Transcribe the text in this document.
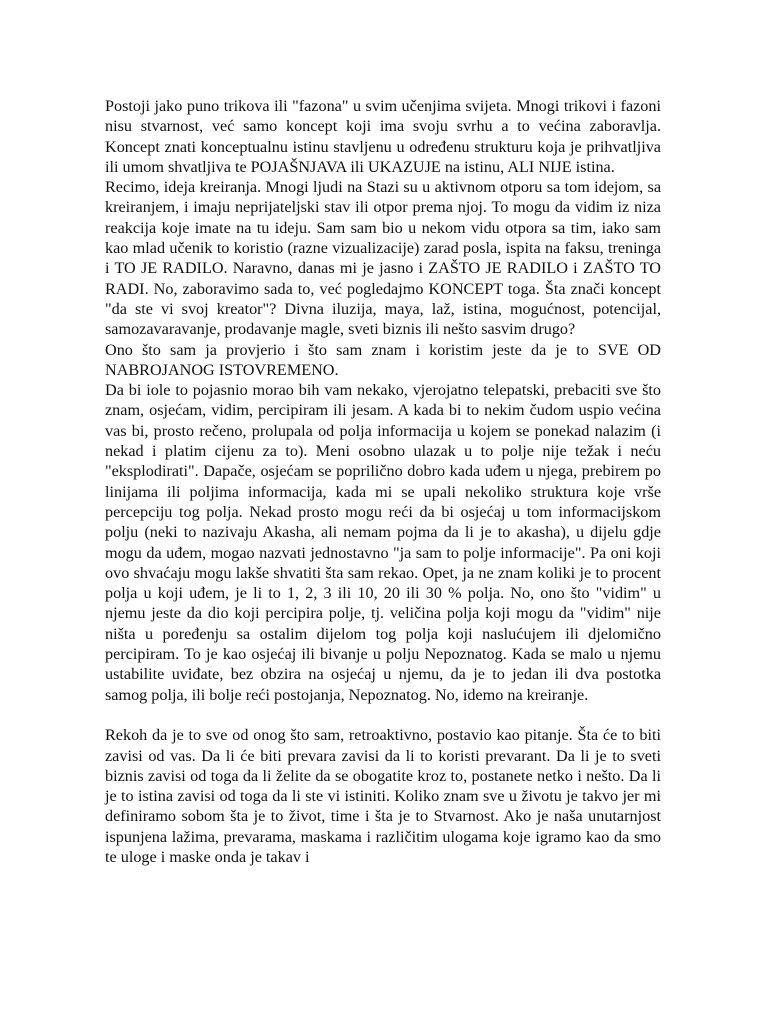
Postoji jako puno trikova ili "fazona" u svim učenjima svijeta. Mnogi trikovi i fazoni nisu stvarnost, već samo koncept koji ima svoju svrhu a to većina zaboravlja. Koncept znati konceptualnu istinu stavljenu u određenu strukturu koja je prihvatljiva ili umom shvatljiva te POJAŠNJAVA ili UKAZUJE na istinu, ALI NIJE istina.

Recimo, ideja kreiranja. Mnogi ljudi na Stazi su u aktivnom otporu sa tom idejom, sa kreiranjem, i imaju neprijateljski stav ili otpor prema njoj. To mogu da vidim iz niza reakcija koje imate na tu ideju. Sam sam bio u nekom vidu otpora sa tim, iako sam kao mlad učenik to koristio (razne vizualizacije) zarad posla, ispita na faksu, treninga i TO JE RADILO. Naravno, danas mi je jasno i ZAŠTO JE RADILO i ZAŠTO TO RADI. No, zaboravimo sada to, već pogledajmo KONCEPT toga. Šta znači koncept "da ste vi svoj kreator"? Divna iluzija, maya, laž, istina, mogućnost, potencijal, samozavaravanje, prodavanje magle, sveti biznis ili nešto sasvim drugo?

Ono što sam ja provjerio i što sam znam i koristim jeste da je to SVE OD NABROJANOG ISTOVREMENO.

Da bi iole to pojasnio morao bih vam nekako, vjerojatno telepatski, prebaciti sve što znam, osjećam, vidim, percipiram ili jesam. A kada bi to nekim čudom uspio većina vas bi, prosto rečeno, prolupala od polja informacija u kojem se ponekad nalazim (i nekad i platim cijenu za to). Meni osobno ulazak u to polje nije težak i neću "eksplodirati". Dapače, osjećam se poprilično dobro kada uđem u njega, prebirem po linijama ili poljima informacija, kada mi se upali nekoliko struktura koje vrše percepciju tog polja. Nekad prosto mogu reći da bi osjećaj u tom informacijskom polju (neki to nazivaju Akasha, ali nemam pojma da li je to akasha), u dijelu gdje mogu da uđem, mogao nazvati jednostavno "ja sam to polje informacije". Pa oni koji ovo shvaćaju mogu lakše shvatiti šta sam rekao. Opet, ja ne znam koliki je to procent polja u koji uđem, je li to 1, 2, 3 ili 10, 20 ili 30 % polja. No, ono što "vidim" u njemu jeste da dio koji percipira polje, tj. veličina polja koji mogu da "vidim" nije ništa u poređenju sa ostalim dijelom tog polja koji naslućujem ili djelomično percipiram. To je kao osjećaj ili bivanje u polju Nepoznatog. Kada se malo u njemu ustabilite uviđate, bez obzira na osjećaj u njemu, da je to jedan ili dva postotka samog polja, ili bolje reći postojanja, Nepoznatog. No, idemo na kreiranje.

Rekoh da je to sve od onog što sam, retroaktivno, postavio kao pitanje. Šta će to biti zavisi od vas. Da li će biti prevara zavisi da li to koristi prevarant. Da li je to sveti biznis zavisi od toga da li želite da se obogatite kroz to, postanete netko i nešto. Da li je to istina zavisi od toga da li ste vi istiniti. Koliko znam sve u životu je takvo jer mi definiramo sobom šta je to život, time i šta je to Stvarnost. Ako je naša unutarnjost ispunjena lažima, prevarama, maskama i različitim ulogama koje igramo kao da smo te uloge i maske onda je takav i
